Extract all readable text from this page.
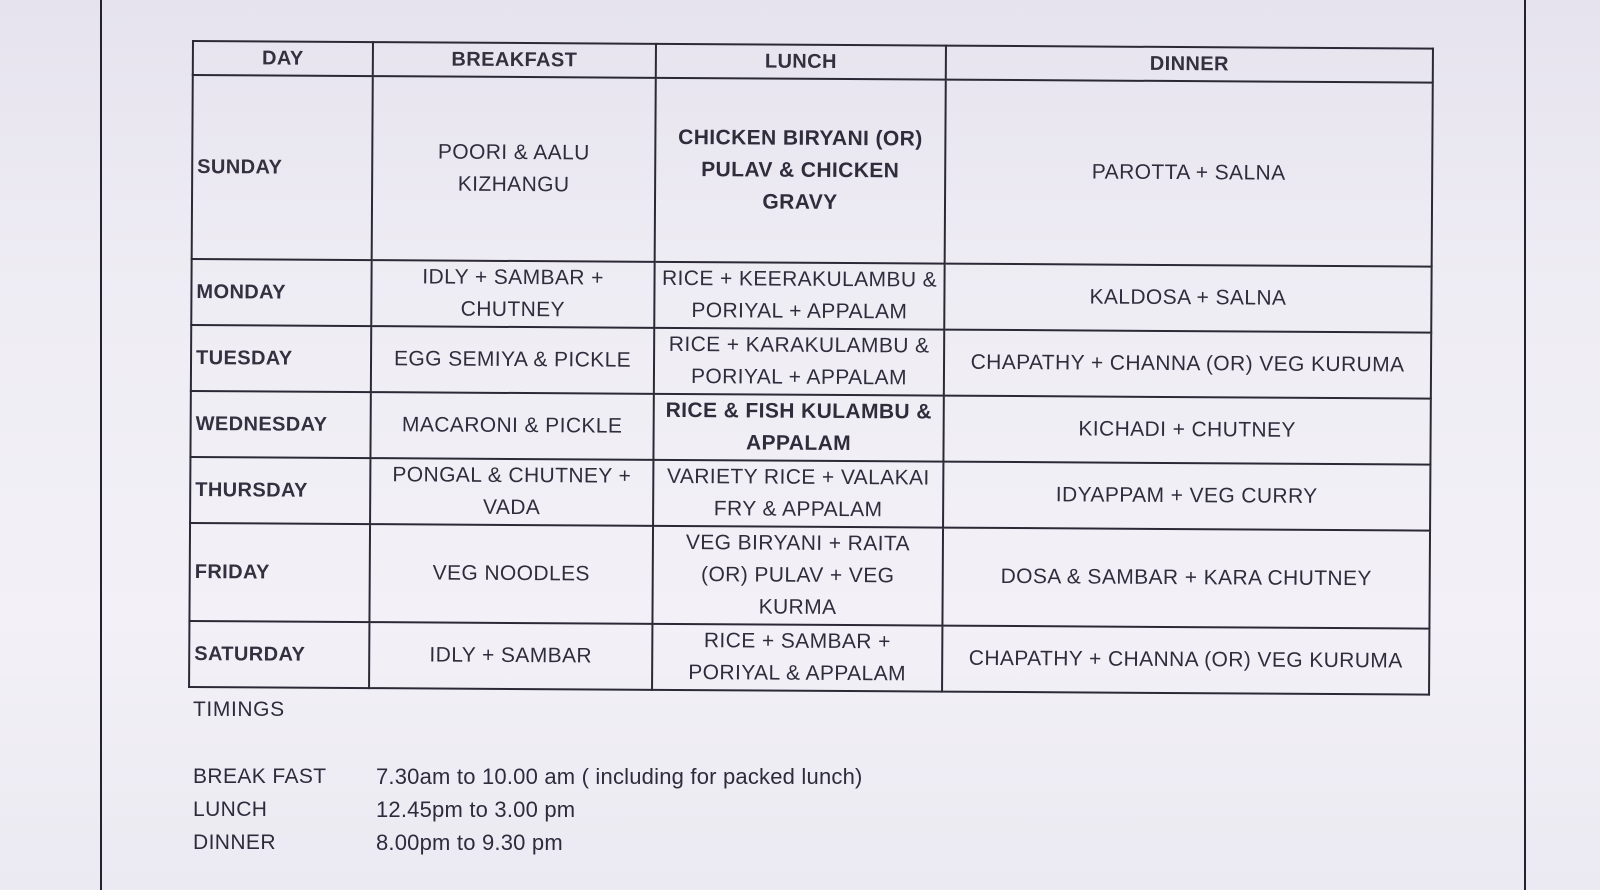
DAY	BREAKFAST	LUNCH	DINNER
SUNDAY	POORI & AALU KIZHANGU	CHICKEN BIRYANI (OR) PULAV & CHICKEN GRAVY	PAROTTA + SALNA
MONDAY	IDLY + SAMBAR + CHUTNEY	RICE + KEERAKULAMBU & PORIYAL + APPALAM	KALDOSA + SALNA
TUESDAY	EGG SEMIYA & PICKLE	RICE + KARAKULAMBU & PORIYAL + APPALAM	CHAPATHY + CHANNA (OR) VEG KURUMA
WEDNESDAY	MACARONI & PICKLE	RICE & FISH KULAMBU & APPALAM	KICHADI + CHUTNEY
THURSDAY	PONGAL & CHUTNEY + VADA	VARIETY RICE + VALAKAI FRY & APPALAM	IDYAPPAM + VEG CURRY
FRIDAY	VEG NOODLES	VEG BIRYANI + RAITA (OR) PULAV + VEG KURMA	DOSA & SAMBAR + KARA CHUTNEY
SATURDAY	IDLY + SAMBAR	RICE + SAMBAR + PORIYAL & APPALAM	CHAPATHY + CHANNA (OR) VEG KURUMA
TIMINGS
BREAK FAST	7.30am to 10.00 am ( including for packed lunch)
LUNCH	12.45pm to 3.00 pm
DINNER	8.00pm to 9.30 pm
